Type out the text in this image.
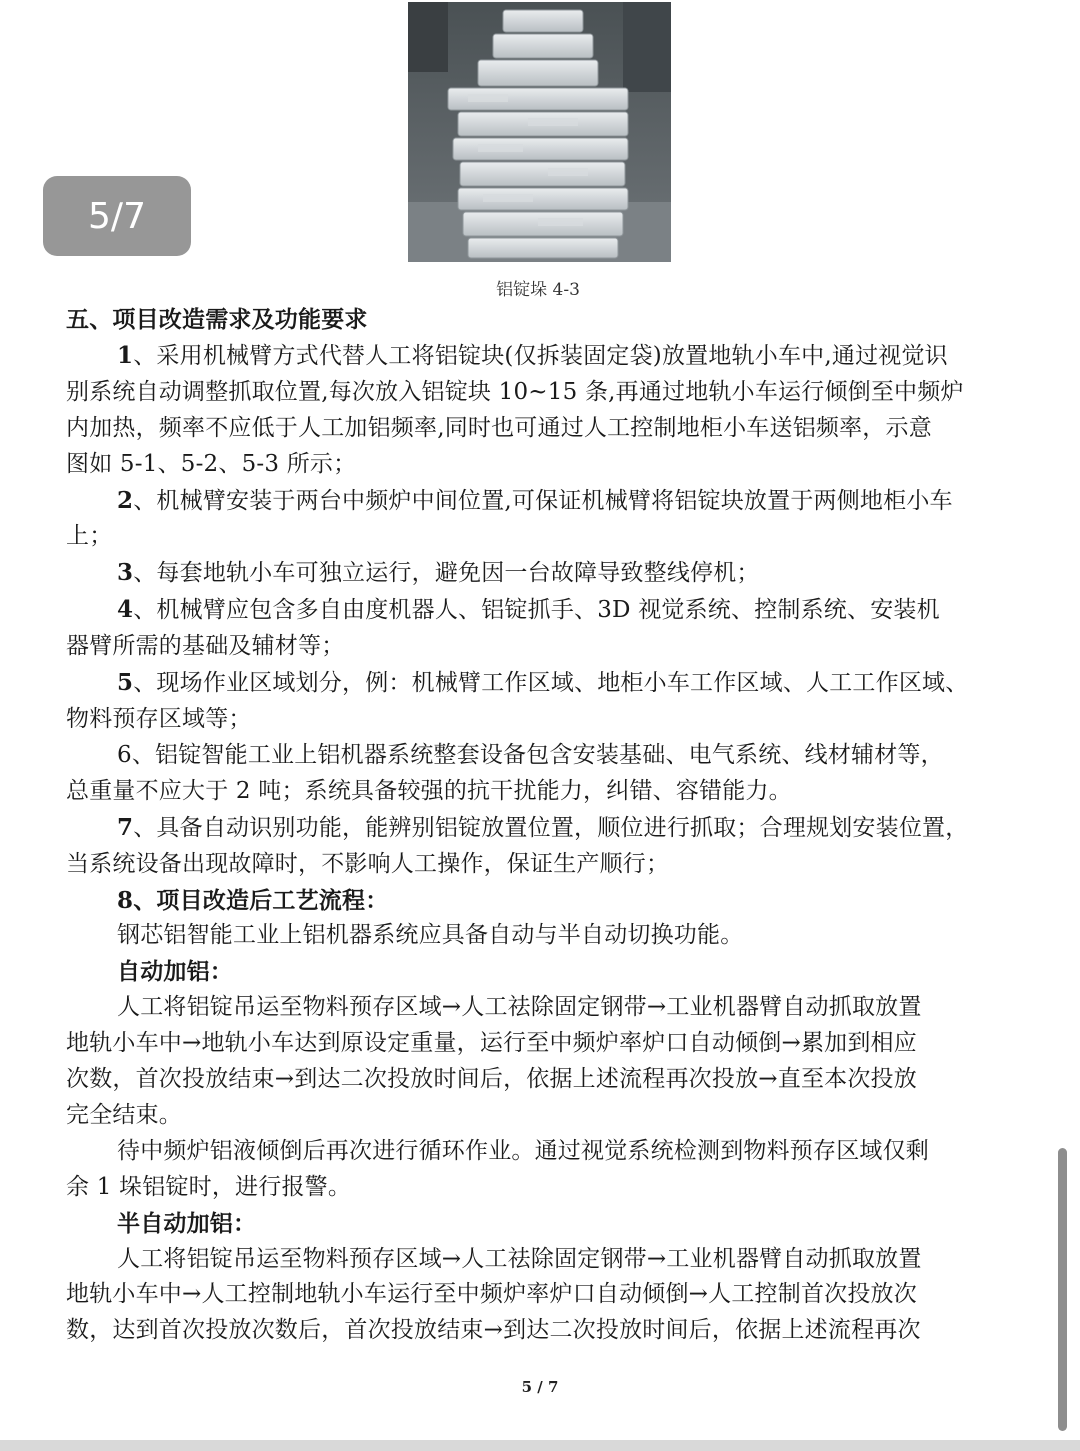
5/7
铝锭垛 4-3
五、项目改造需求及功能要求
1、采用机械臂方式代替人工将铝锭块(仅拆装固定袋)放置地轨小车中,通过视觉识
别系统自动调整抓取位置,每次放入铝锭块 10~15 条,再通过地轨小车运行倾倒至中频炉
内加热，频率不应低于人工加铝频率,同时也可通过人工控制地柜小车送铝频率，示意
图如 5-1、5-2、5-3 所示；
2、机械臂安装于两台中频炉中间位置,可保证机械臂将铝锭块放置于两侧地柜小车
上；
3、每套地轨小车可独立运行，避免因一台故障导致整线停机；
4、机械臂应包含多自由度机器人、铝锭抓手、3D 视觉系统、控制系统、安装机
器臂所需的基础及辅材等；
5、现场作业区域划分，例：机械臂工作区域、地柜小车工作区域、人工工作区域、
物料预存区域等；
6、铝锭智能工业上铝机器系统整套设备包含安装基础、电气系统、线材辅材等，
总重量不应大于 2 吨；系统具备较强的抗干扰能力，纠错、容错能力。
7、具备自动识别功能，能辨别铝锭放置位置，顺位进行抓取；合理规划安装位置，
当系统设备出现故障时，不影响人工操作，保证生产顺行；
8、项目改造后工艺流程：
钢芯铝智能工业上铝机器系统应具备自动与半自动切换功能。
自动加铝：
人工将铝锭吊运至物料预存区域→人工祛除固定钢带→工业机器臂自动抓取放置
地轨小车中→地轨小车达到原设定重量，运行至中频炉率炉口自动倾倒→累加到相应
次数，首次投放结束→到达二次投放时间后，依据上述流程再次投放→直至本次投放
完全结束。
待中频炉铝液倾倒后再次进行循环作业。通过视觉系统检测到物料预存区域仅剩
余 1 垛铝锭时，进行报警。
半自动加铝：
人工将铝锭吊运至物料预存区域→人工祛除固定钢带→工业机器臂自动抓取放置
地轨小车中→人工控制地轨小车运行至中频炉率炉口自动倾倒→人工控制首次投放次
数，达到首次投放次数后，首次投放结束→到达二次投放时间后，依据上述流程再次
5 / 7
